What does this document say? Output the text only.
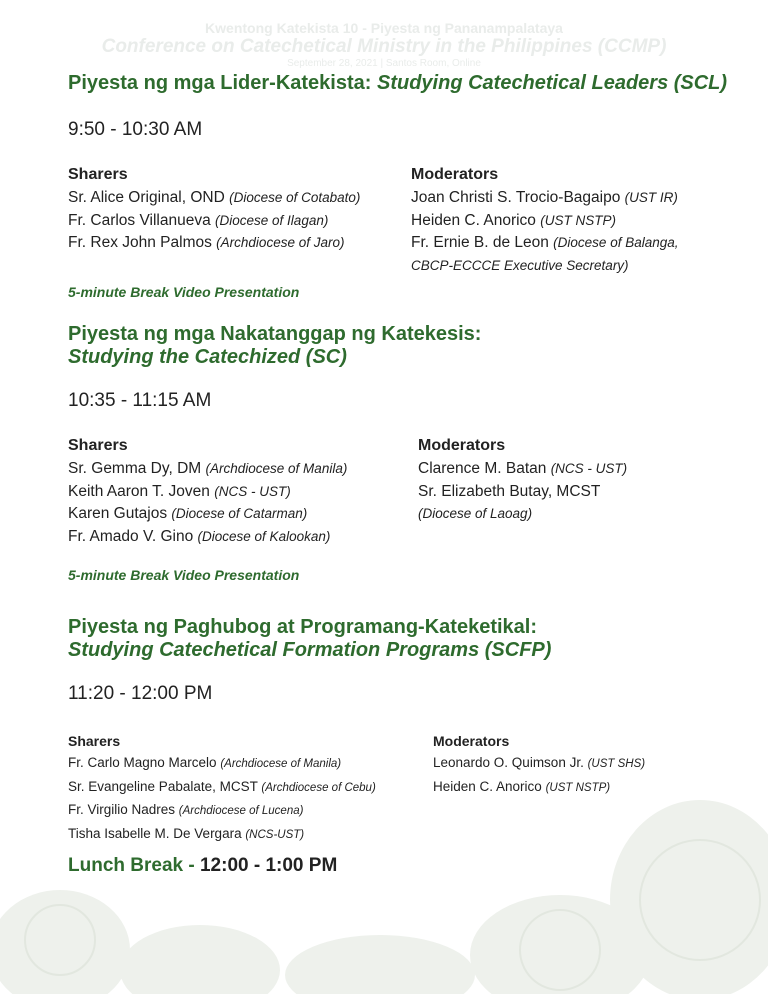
Kwentong Katekista 10 - Piyesta ng Pananampalataya
Conference on Catechetical Ministry in the Philippines (CCMP)
September 28, 2021 | Santos Room, Online
Piyesta ng mga Lider-Katekista: Studying Catechetical Leaders (SCL)
9:50 - 10:30 AM
Sharers
Sr. Alice Original, OND (Diocese of Cotabato)
Fr. Carlos Villanueva (Diocese of Ilagan)
Fr. Rex John Palmos (Archdiocese of Jaro)
Moderators
Joan Christi S. Trocio-Bagaipo (UST IR)
Heiden C. Anorico (UST NSTP)
Fr. Ernie B. de Leon (Diocese of Balanga,
CBCP-ECCCE Executive Secretary)
5-minute Break Video Presentation
Piyesta ng mga Nakatanggap ng Katekesis:
Studying the Catechized (SC)
10:35 - 11:15 AM
Sharers
Sr. Gemma Dy, DM (Archdiocese of Manila)
Keith Aaron T. Joven (NCS - UST)
Karen Gutajos (Diocese of Catarman)
Fr. Amado V. Gino (Diocese of Kalookan)
Moderators
Clarence M. Batan (NCS - UST)
Sr. Elizabeth Butay, MCST
(Diocese of Laoag)
5-minute Break Video Presentation
Piyesta ng Paghubog at Programang-Kateketikal:
Studying Catechetical Formation Programs (SCFP)
11:20 - 12:00 PM
Sharers
Fr. Carlo Magno Marcelo (Archdiocese of Manila)
Sr. Evangeline Pabalate, MCST (Archdiocese of Cebu)
Fr. Virgilio Nadres (Archdiocese of Lucena)
Tisha Isabelle M. De Vergara (NCS-UST)
Moderators
Leonardo O. Quimson Jr. (UST SHS)
Heiden C. Anorico (UST NSTP)
Lunch Break - 12:00 - 1:00 PM
